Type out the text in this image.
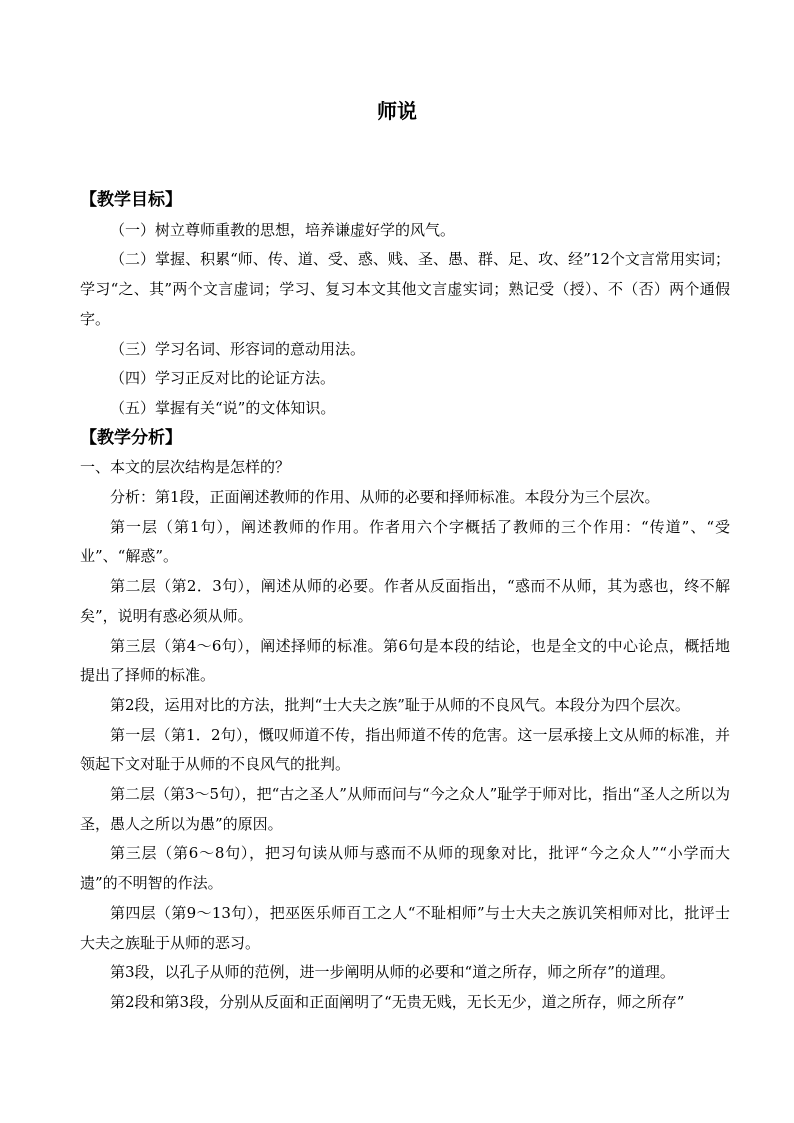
师说
【教学目标】

（一）树立尊师重教的思想，培养谦虚好学的风气。

（二）掌握、积累“师、传、道、受、惑、贱、圣、愚、群、足、攻、经”12个文言常用实词；学习“之、其”两个文言虚词；学习、复习本文其他文言虚实词；熟记受（授）、不（否）两个通假字。

（三）学习名词、形容词的意动用法。

（四）学习正反对比的论证方法。

（五）掌握有关“说”的文体知识。

【教学分析】

一、本文的层次结构是怎样的？

分析：第1段，正面阐述教师的作用、从师的必要和择师标准。本段分为三个层次。

第一层（第1句），阐述教师的作用。作者用六个字概括了教师的三个作用：“传道”、“受业”、“解惑”。

第二层（第2．3句），阐述从师的必要。作者从反面指出，“惑而不从师，其为惑也，终不解矣”，说明有惑必须从师。

第三层（第4～6句），阐述择师的标准。第6句是本段的结论，也是全文的中心论点，概括地提出了择师的标准。

第2段，运用对比的方法，批判“士大夫之族”耻于从师的不良风气。本段分为四个层次。

第一层（第1．2句），慨叹师道不传，指出师道不传的危害。这一层承接上文从师的标准，并领起下文对耻于从师的不良风气的批判。

第二层（第3～5句），把“古之圣人”从师而问与“今之众人”耻学于师对比，指出“圣人之所以为圣，愚人之所以为愚”的原因。

第三层（第6～8句），把习句读从师与惑而不从师的现象对比，批评“今之众人”“小学而大遗”的不明智的作法。

第四层（第9～13句），把巫医乐师百工之人“不耻相师”与士大夫之族讥笑相师对比，批评士大夫之族耻于从师的恶习。

第3段，以孔子从师的范例，进一步阐明从师的必要和“道之所存，师之所存”的道理。

第2段和第3段，分别从反面和正面阐明了“无贵无贱，无长无少，道之所存，师之所存”
